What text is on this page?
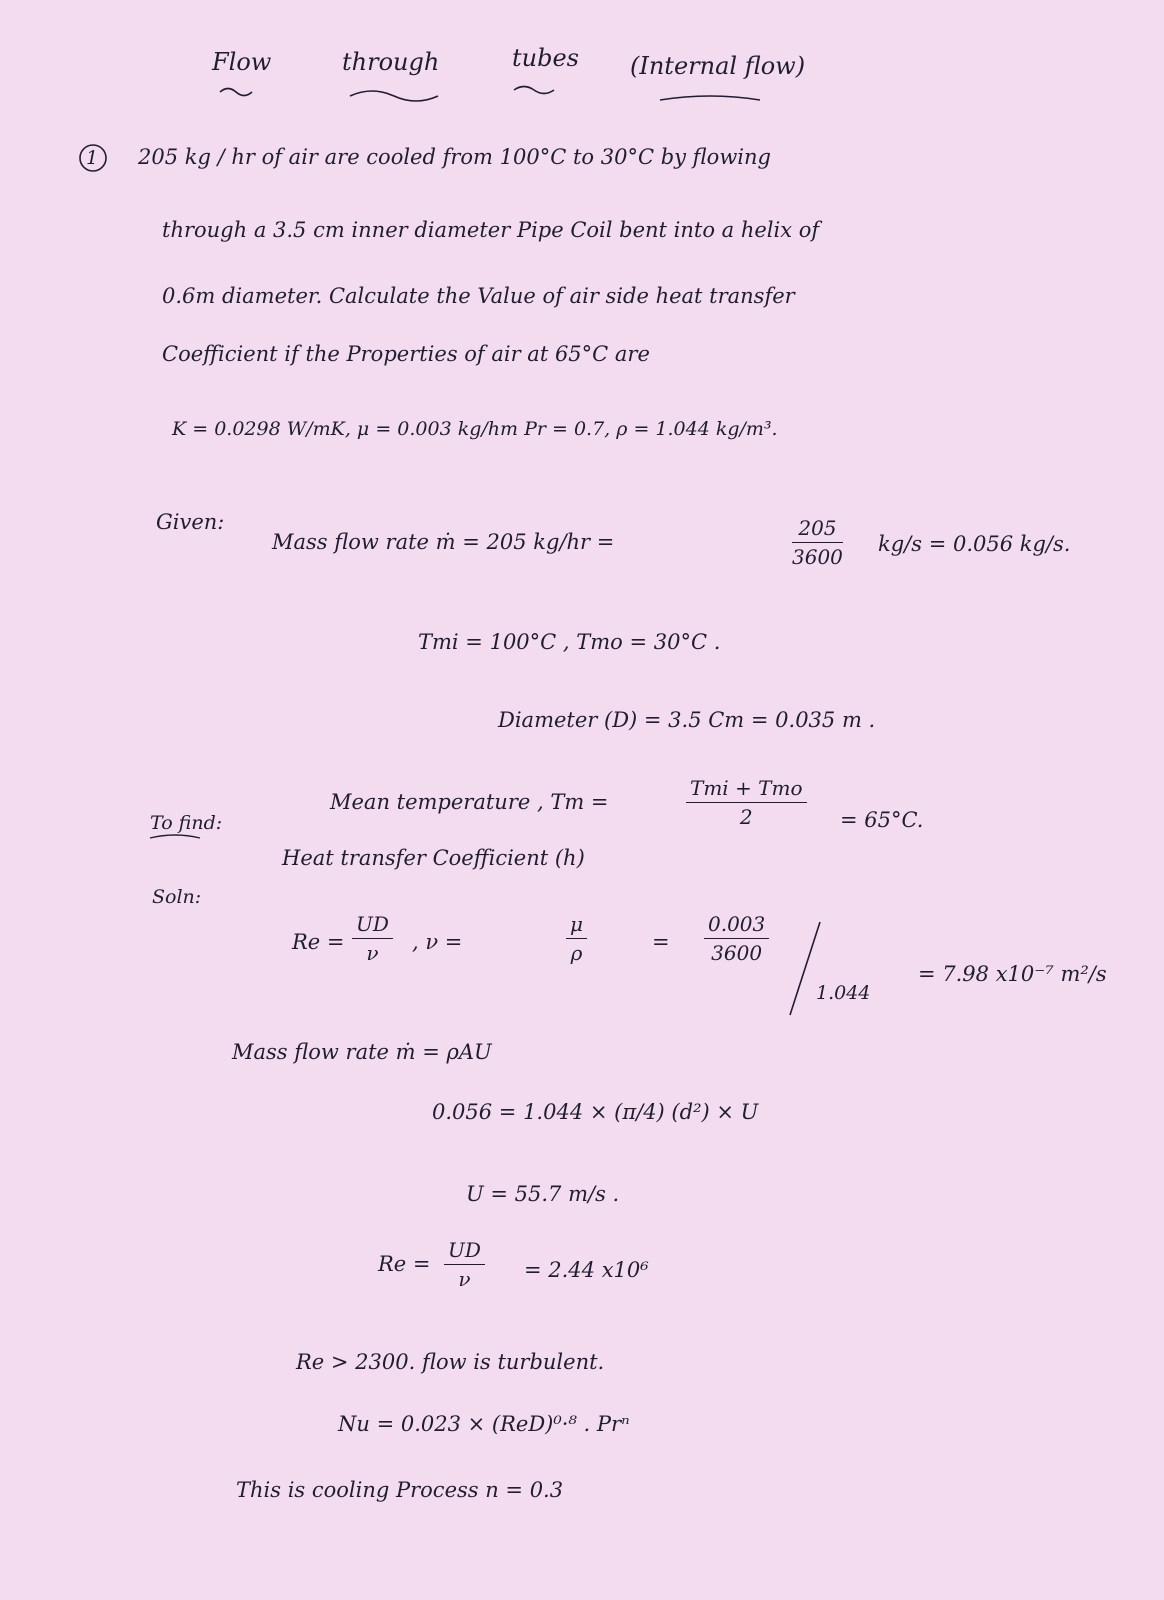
Flow	through	tubes (Internal flow)
1 205 kg / hr of air are cooled from 100°C to 30°C by flowing
through a 3.5 cm inner diameter Pipe Coil bent into a helix of
0.6m diameter. Calculate the Value of air side heat transfer
Coefficient if the Properties of air at 65°C are
K = 0.0298 W/mK, μ = 0.003 kg/hm Pr = 0.7, ρ = 1.044 kg/m³.
Given:
Mass flow rate ṁ = 205 kg/hr =	$\frac{205}{3600} kg/s = 0.056$ kg/s.
Tmi = 100°C , Tmo = 30°C .
Diameter (D) = 3.5 Cm = 0.035 m .
Mean temperature , Tm =
Tmi + Tmo
2	= 65°C.
To find:
Heat transfer Coefficient (h)
Soln:
$Re = \frac{UD}{\nu}$ , ν =	$\frac{\mu}{\rho}$	= $\frac{0.003}{3600}$
1.044
= 7.98 x10⁻⁷ m²/s
Mass flow rate ṁ = ρAU
0.056 = 1.044 × (π/4) (d²) × U
U = 55.7 m/s .
$Re = \frac{UD}{\nu} = 2.44$ x10⁶
Re > 2300. flow is turbulent.
Nu = 0.023 × (ReD)⁰·⁸ . Prⁿ
This is cooling Process n = 0.3
